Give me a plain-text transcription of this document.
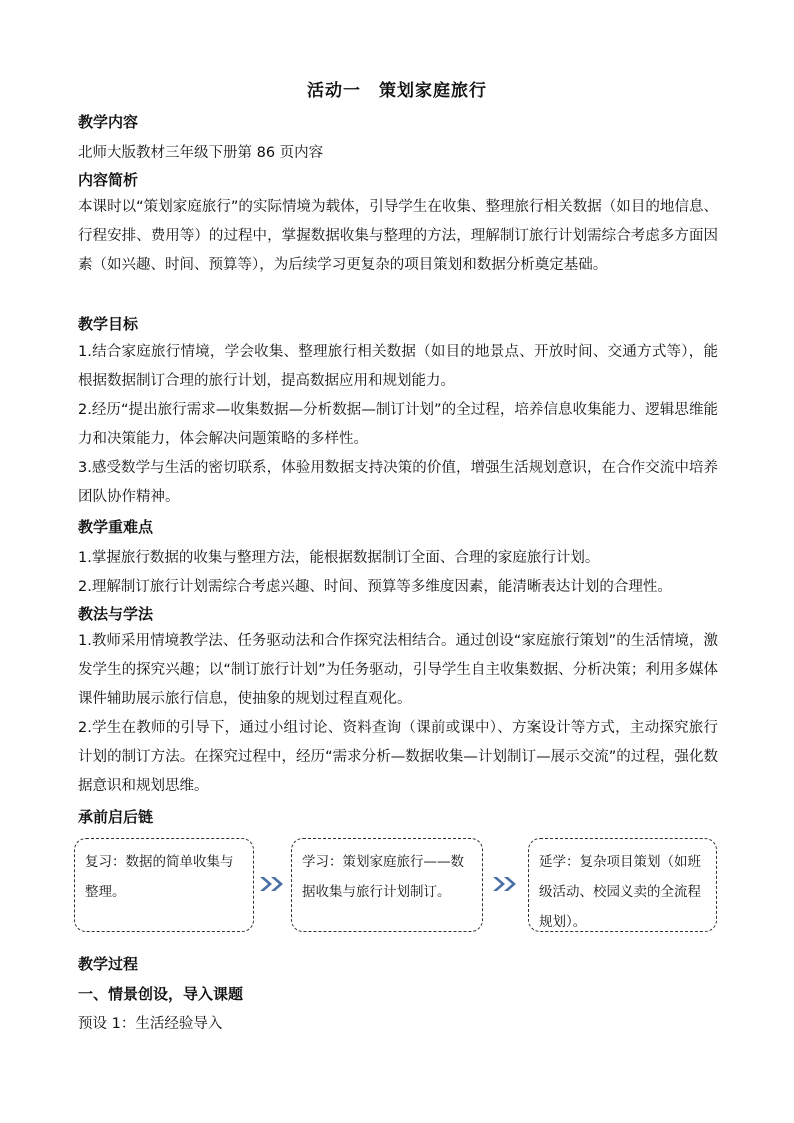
活动一　策划家庭旅行
教学内容
北师大版教材三年级下册第 86 页内容
内容简析
本课时以“策划家庭旅行”的实际情境为载体，引导学生在收集、整理旅行相关数据（如目的地信息、行程安排、费用等）的过程中，掌握数据收集与整理的方法，理解制订旅行计划需综合考虑多方面因素（如兴趣、时间、预算等），为后续学习更复杂的项目策划和数据分析奠定基础。
教学目标
1.结合家庭旅行情境，学会收集、整理旅行相关数据（如目的地景点、开放时间、交通方式等），能根据数据制订合理的旅行计划，提高数据应用和规划能力。
2.经历“提出旅行需求—收集数据—分析数据—制订计划”的全过程，培养信息收集能力、逻辑思维能力和决策能力，体会解决问题策略的多样性。
3.感受数学与生活的密切联系，体验用数据支持决策的价值，增强生活规划意识，在合作交流中培养团队协作精神。
教学重难点
1.掌握旅行数据的收集与整理方法，能根据数据制订全面、合理的家庭旅行计划。
2.理解制订旅行计划需综合考虑兴趣、时间、预算等多维度因素，能清晰表达计划的合理性。
教法与学法
1.教师采用情境教学法、任务驱动法和合作探究法相结合。通过创设“家庭旅行策划”的生活情境，激发学生的探究兴趣；以“制订旅行计划”为任务驱动，引导学生自主收集数据、分析决策；利用多媒体课件辅助展示旅行信息，使抽象的规划过程直观化。
2.学生在教师的引导下，通过小组讨论、资料查询（课前或课中）、方案设计等方式，主动探究旅行计划的制订方法。在探究过程中，经历“需求分析—数据收集—计划制订—展示交流”的过程，强化数据意识和规划思维。
承前启后链
复习：数据的简单收集与整理。
学习：策划家庭旅行——数据收集与旅行计划制订。
延学：复杂项目策划（如班级活动、校园义卖的全流程规划）。
教学过程
一、情景创设，导入课题
预设 1：生活经验导入
